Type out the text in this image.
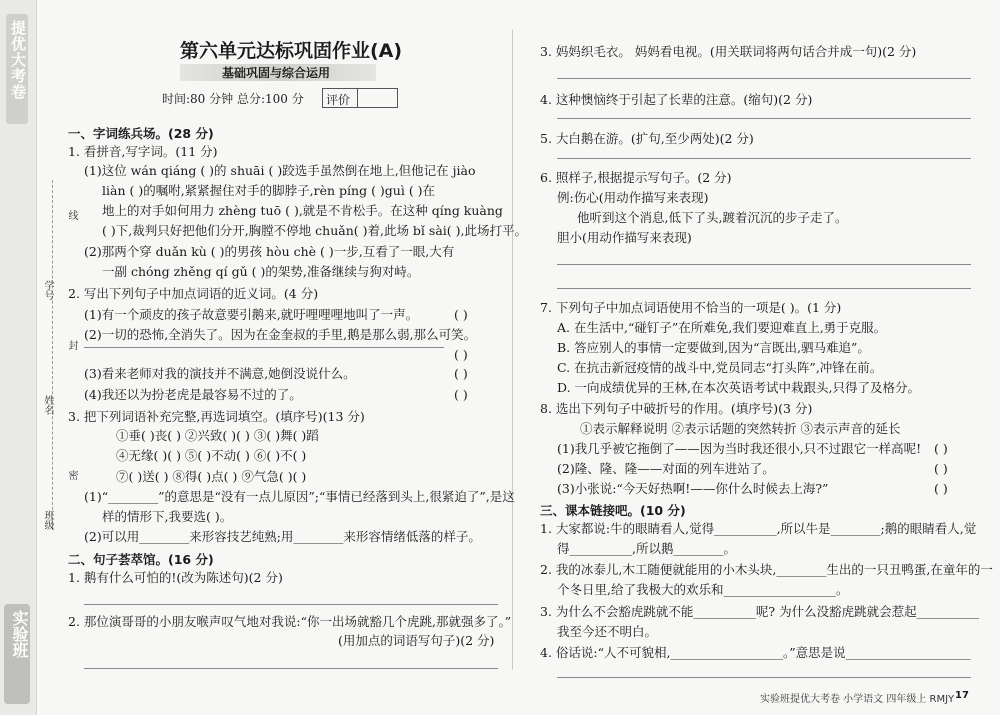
提优大考卷
实验班
线
学号
封
姓名
密
班级
第六单元达标巩固作业(A)
基础巩固与综合运用
时间:80 分钟 总分:100 分 评价
一、字词练兵场。(28 分)
1. 看拼音,写字词。(11 分)
(1)这位 wán qiáng ( )的 shuāi ( )跤选手虽然倒在地上,但他记在 jiào
liàn ( )的嘱咐,紧紧握住对手的脚脖子,rèn píng ( )guì ( )在
地上的对手如何用力 zhèng tuō ( ),就是不肯松手。在这种 qíng kuàng
( )下,裁判只好把他们分开,胸膛不停地 chuǎn( )着,此场 bǐ sài( ),此场打平。
(2)那两个穿 duǎn kù ( )的男孩 hòu chè ( )一步,互看了一眼,大有
一副 chóng zhěng qí gǔ ( )的架势,准备继续与狗对峙。
2. 写出下列句子中加点词语的近义词。(4 分)
(1)有一个顽皮的孩子故意要引鹅来,就吁哩哩哩地叫了一声。
(2)一切的恐怖,全消失了。因为在金奎叔的手里,鹅是那么弱,那么可笑。
(3)看来老师对我的演技并不满意,她倒没说什么。
(4)我还以为扮老虎是最容易不过的了。
3. 把下列词语补充完整,再选词填空。(填序号)(13 分)
①垂( )丧( ) ②兴致( )( ) ③( )舞( )蹈
④无缘( )( ) ⑤( )不动( ) ⑥( )不( )
⑦( )送( ) ⑧得( )点( ) ⑨气急( )( )
(1)“________”的意思是“没有一点儿原因”;“事情已经落到头上,很紧迫了”,是这
样的情形下,我要选( )。
(2)可以用________来形容技艺纯熟;用________来形容情绪低落的样子。
二、句子荟萃馆。(16 分)
1. 鹅有什么可怕的!(改为陈述句)(2 分)
2. 那位演哥哥的小朋友喉声叹气地对我说:“你一出场就豁几个虎跳,那就强多了。”
(用加点的词语写句子)(2 分)
3. 妈妈织毛衣。 妈妈看电视。(用关联词将两句话合并成一句)(2 分)
4. 这种懊恼终于引起了长辈的注意。(缩句)(2 分)
5. 大白鹅在游。(扩句,至少两处)(2 分)
6. 照样子,根据提示写句子。(2 分)
例:伤心(用动作描写来表现)
他听到这个消息,低下了头,踱着沉沉的步子走了。
胆小(用动作描写来表现)
7. 下列句子中加点词语使用不恰当的一项是( )。(1 分)
A. 在生活中,“碰钉子”在所难免,我们要迎难直上,勇于克服。
B. 答应别人的事情一定要做到,因为“言既出,驷马难追”。
C. 在抗击新冠疫情的战斗中,党员同志“打头阵”,冲锋在前。
D. 一向成绩优异的王林,在本次英语考试中栽跟头,只得了及格分。
8. 选出下列句子中破折号的作用。(填序号)(3 分)
①表示解释说明 ②表示话题的突然转折 ③表示声音的延长
(1)我几乎被它拖倒了——因为当时我还很小,只不过跟它一样高呢!
(2)隆、隆、隆——对面的列车进站了。
(3)小张说:“今天好热啊!——你什么时候去上海?”
三、课本链接吧。(10 分)
1. 大家都说:牛的眼睛看人,觉得__________,所以牛是________;鹅的眼睛看人,觉
得__________,所以鹅________。
2. 我的冰泰儿,木工随便就能用的小木头块,________生出的一只丑鸭蛋,在童年的一
个冬日里,给了我极大的欢乐和__________________。
3. 为什么不会豁虎跳就不能__________呢? 为什么没豁虎跳就会惹起__________
我至今还不明白。
4. 俗话说:“人不可貌相,__________________。”意思是说____________________
实验班提优大考卷 小学语文 四年级上 RMJY 17
( )
( )
( )
( )
( )
( )
( )
